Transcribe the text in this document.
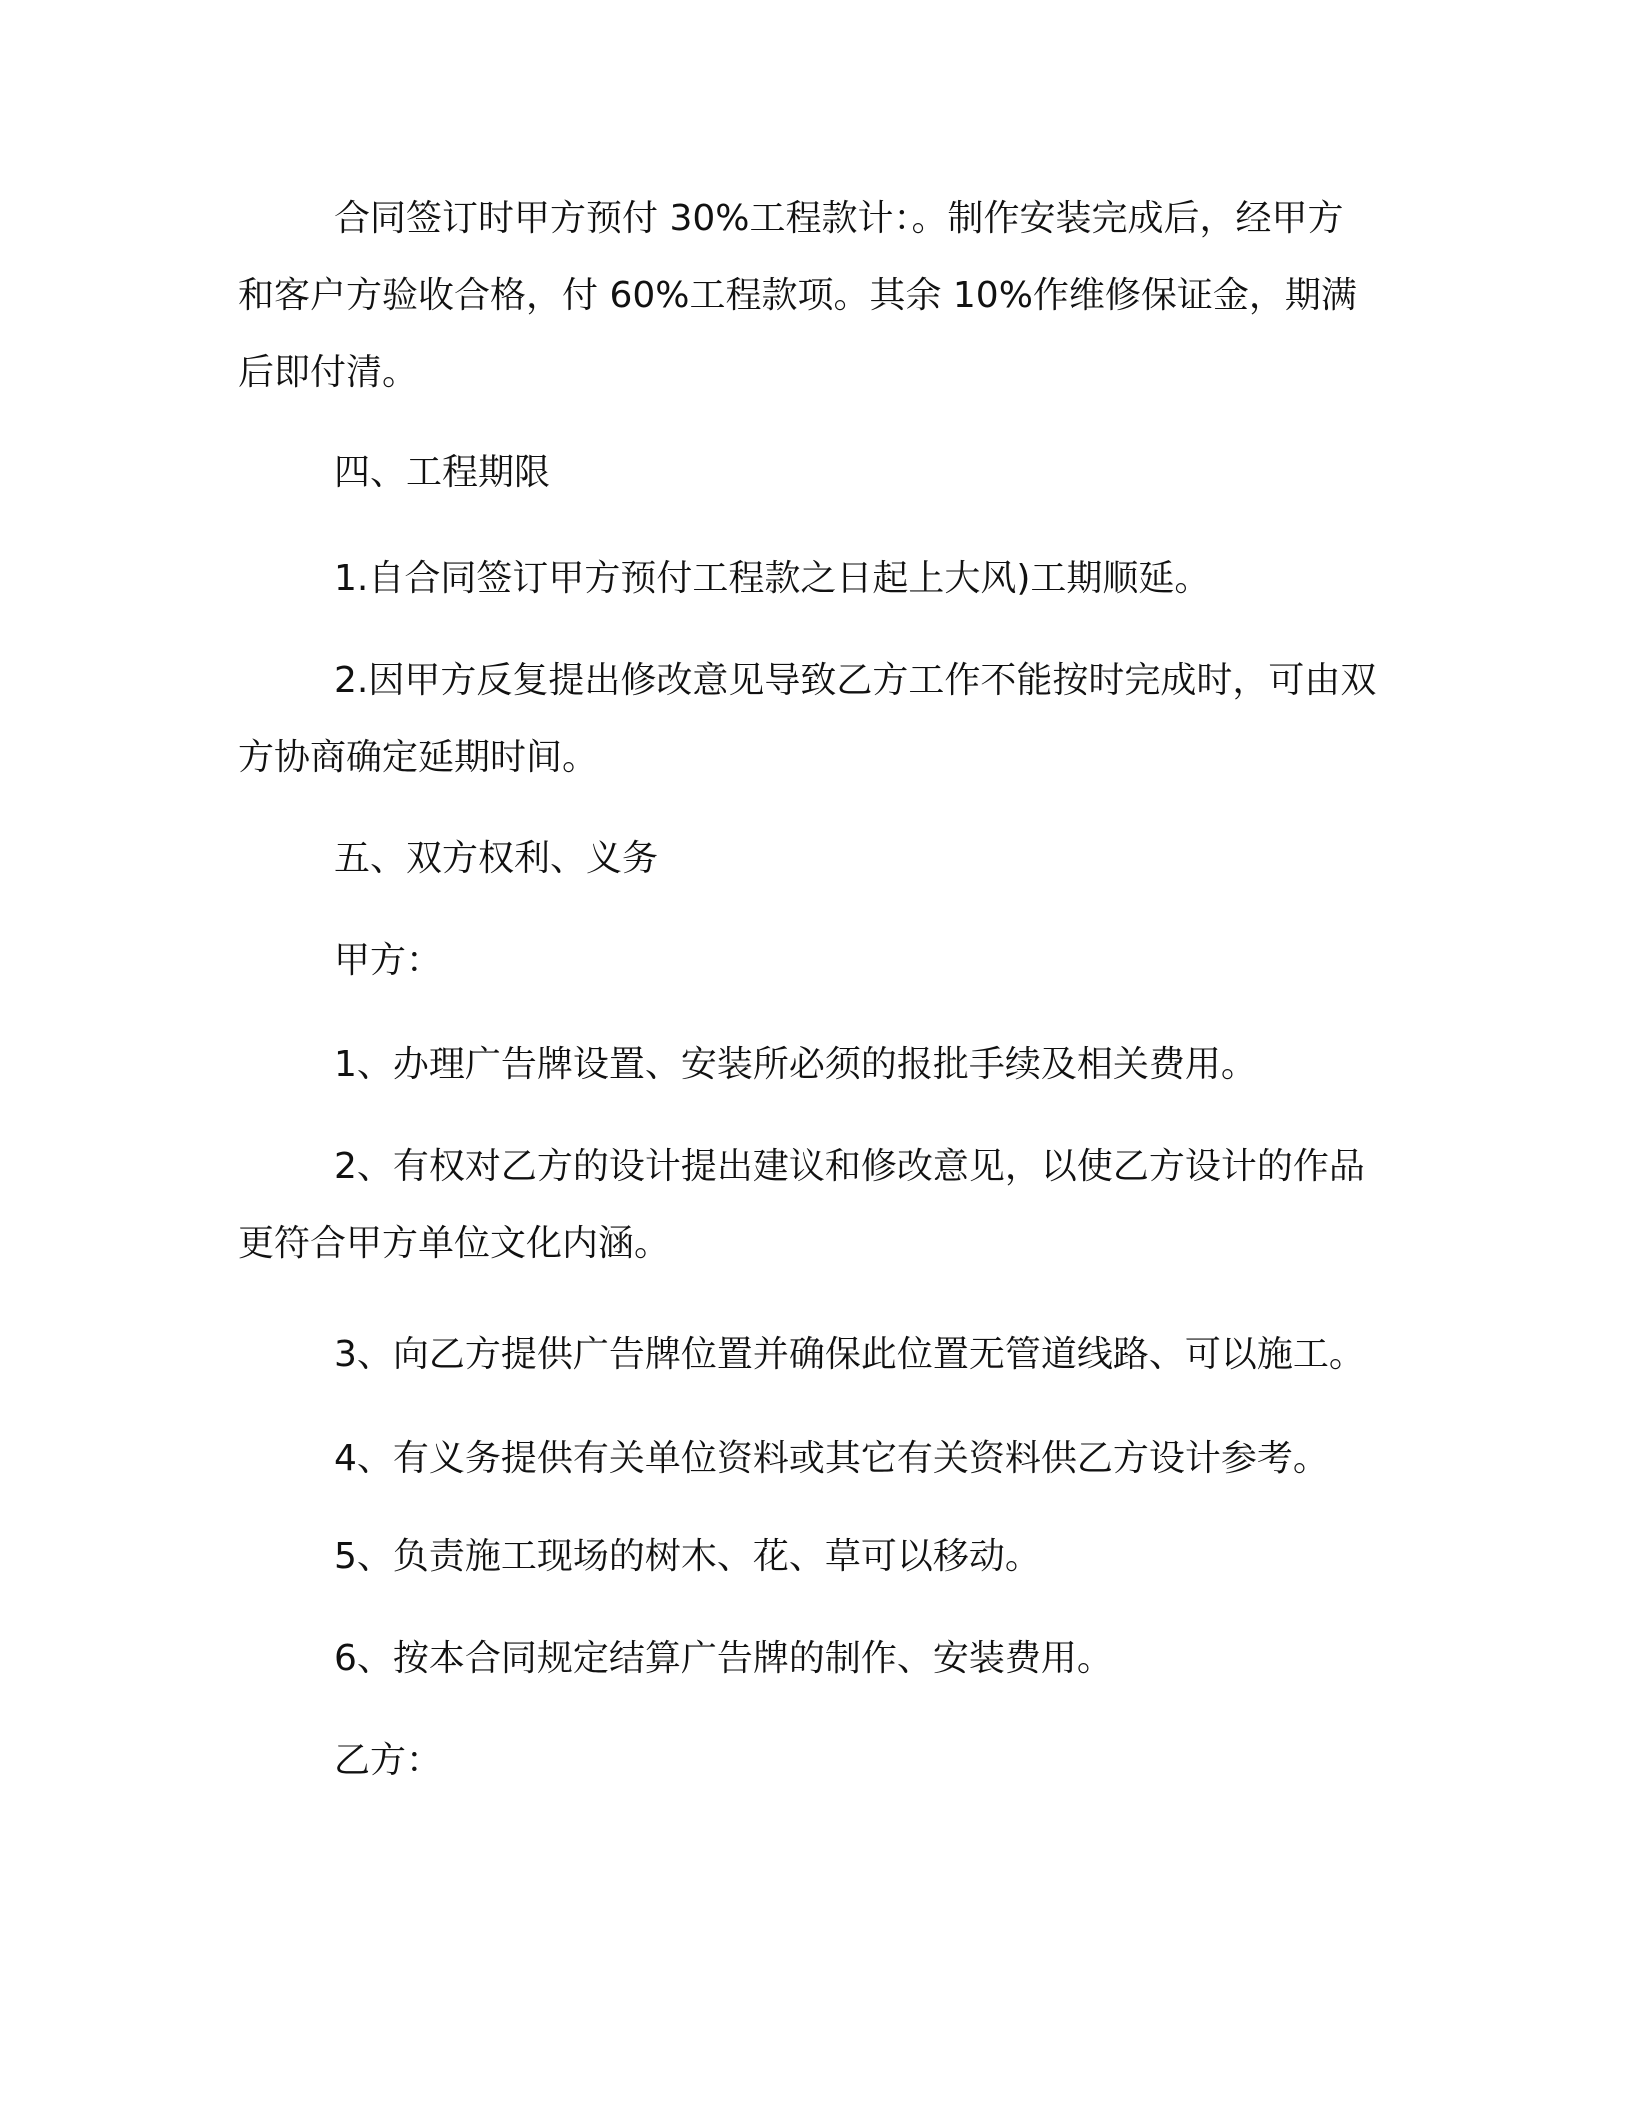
合同签订时甲方预付 30%工程款计：。制作安装完成后，经甲方和客户方验收合格，付 60%工程款项。其余 10%作维修保证金，期满后即付清。

四、工程期限

1.自合同签订甲方预付工程款之日起上大风)工期顺延。

2.因甲方反复提出修改意见导致乙方工作不能按时完成时，可由双方协商确定延期时间。

五、双方权利、义务

甲方：

1、办理广告牌设置、安装所必须的报批手续及相关费用。

2、有权对乙方的设计提出建议和修改意见，以使乙方设计的作品更符合甲方单位文化内涵。

3、向乙方提供广告牌位置并确保此位置无管道线路、可以施工。

4、有义务提供有关单位资料或其它有关资料供乙方设计参考。

5、负责施工现场的树木、花、草可以移动。

6、按本合同规定结算广告牌的制作、安装费用。

乙方：
